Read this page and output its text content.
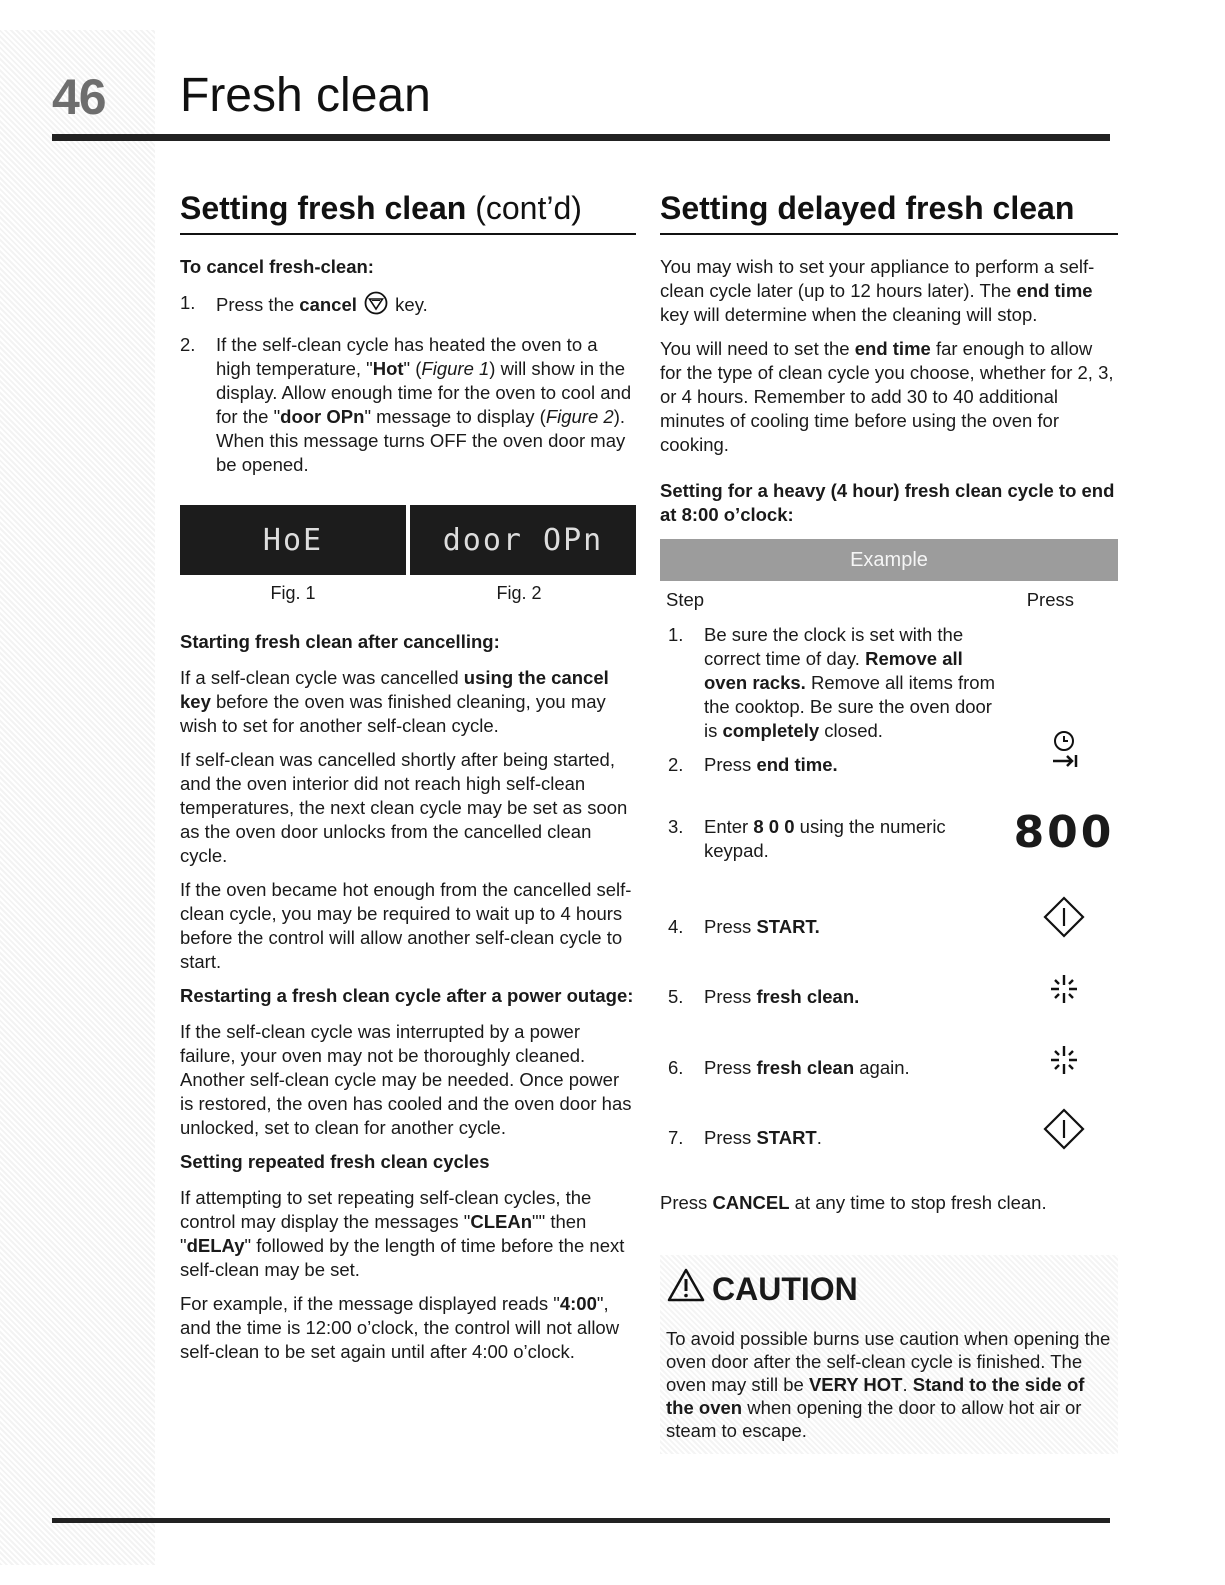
46 Fresh clean
Setting fresh clean (cont’d)
To cancel fresh-clean:
1.	Press the cancel  key.
2.	If the self-clean cycle has heated the oven to a high temperature, "Hot" (Figure 1) will show in the display. Allow enough time for the oven to cool and for the "door OPn" message to display (Figure 2). When this message turns OFF the oven door may be opened.
HoE	door OPn
Fig. 1	Fig. 2
Starting fresh clean after cancelling:

If a self-clean cycle was cancelled using the cancel key before the oven was finished cleaning, you may wish to set for another self-clean cycle.

If self-clean was cancelled shortly after being started, and the oven interior did not reach high self-clean temperatures, the next clean cycle may be set as soon as the oven door unlocks from the cancelled clean cycle.

If the oven became hot enough from the cancelled self-clean cycle, you may be required to wait up to 4 hours before the control will allow another self-clean cycle to start.

Restarting a fresh clean cycle after a power outage:

If the self-clean cycle was interrupted by a power failure, your oven may not be thoroughly cleaned. Another self-clean cycle may be needed. Once power is restored, the oven has cooled and the oven door has unlocked, set to clean for another cycle.

Setting repeated fresh clean cycles

If attempting to set repeating self-clean cycles, the control may display the messages "CLEAn"" then "dELAy" followed by the length of time before the next self-clean may be set.

For example, if the message displayed reads "4:00", and the time is 12:00 o’clock, the control will not allow self-clean to be set again until after 4:00 o’clock.

Setting delayed fresh clean

You may wish to set your appliance to perform a self-clean cycle later (up to 12 hours later). The end time key will determine when the cleaning will stop.

You will need to set the end time far enough to allow for the type of clean cycle you choose, whether for 2, 3, or 4 hours. Remember to add 30 to 40 additional minutes of cooling time before using the oven for cooking.

Setting for a heavy (4 hour) fresh clean cycle to end at 8:00 o’clock:
Example
Step	Press
1.	Be sure the clock is set with the correct time of day. Remove all oven racks. Remove all items from the cooktop. Be sure the oven door is completely closed.
2.	Press end time.
3.	Enter 8 0 0 using the numeric keypad.	800
4.	Press START.
5.	Press fresh clean.
6.	Press fresh clean again.
7.	Press START.

Press CANCEL at any time to stop fresh clean.

CAUTION

To avoid possible burns use caution when opening the oven door after the self-clean cycle is finished. The oven may still be VERY HOT. Stand to the side of the oven when opening the door to allow hot air or steam to escape.
